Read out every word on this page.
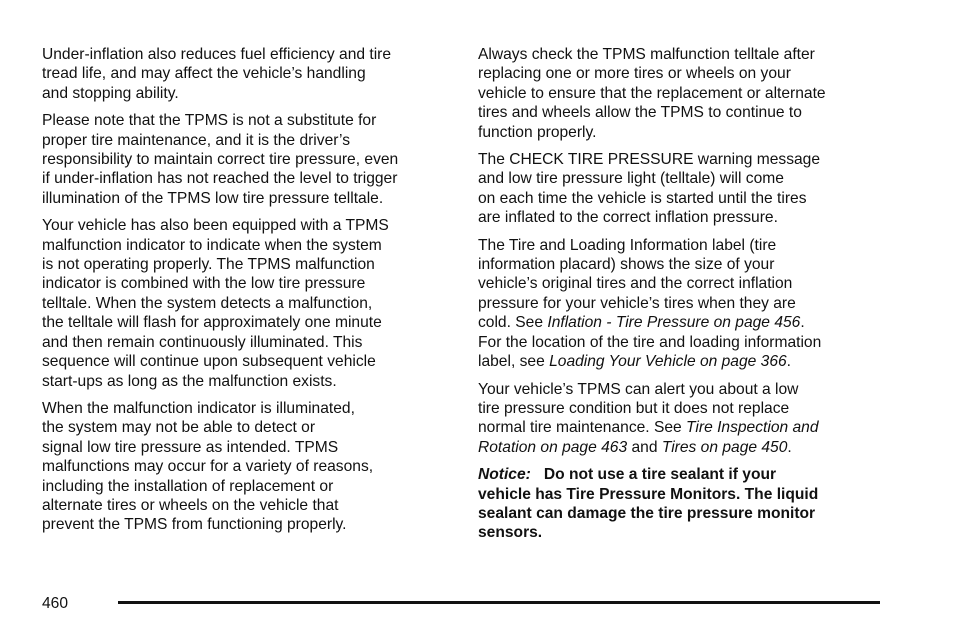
Under-inflation also reduces fuel efficiency and tire
tread life, and may affect the vehicle’s handling
and stopping ability.

Please note that the TPMS is not a substitute for
proper tire maintenance, and it is the driver’s
responsibility to maintain correct tire pressure, even
if under-inflation has not reached the level to trigger
illumination of the TPMS low tire pressure telltale.

Your vehicle has also been equipped with a TPMS
malfunction indicator to indicate when the system
is not operating properly. The TPMS malfunction
indicator is combined with the low tire pressure
telltale. When the system detects a malfunction,
the telltale will flash for approximately one minute
and then remain continuously illuminated. This
sequence will continue upon subsequent vehicle
start-ups as long as the malfunction exists.

When the malfunction indicator is illuminated,
the system may not be able to detect or
signal low tire pressure as intended. TPMS
malfunctions may occur for a variety of reasons,
including the installation of replacement or
alternate tires or wheels on the vehicle that
prevent the TPMS from functioning properly.

Always check the TPMS malfunction telltale after
replacing one or more tires or wheels on your
vehicle to ensure that the replacement or alternate
tires and wheels allow the TPMS to continue to
function properly.

The CHECK TIRE PRESSURE warning message
and low tire pressure light (telltale) will come
on each time the vehicle is started until the tires
are inflated to the correct inflation pressure.

The Tire and Loading Information label (tire
information placard) shows the size of your
vehicle’s original tires and the correct inflation
pressure for your vehicle’s tires when they are
cold. See Inflation - Tire Pressure on page 456.
For the location of the tire and loading information
label, see Loading Your Vehicle on page 366.

Your vehicle’s TPMS can alert you about a low
tire pressure condition but it does not replace
normal tire maintenance. See Tire Inspection and
Rotation on page 463 and Tires on page 450.

Notice: Do not use a tire sealant if your
vehicle has Tire Pressure Monitors. The liquid
sealant can damage the tire pressure monitor
sensors.

460
